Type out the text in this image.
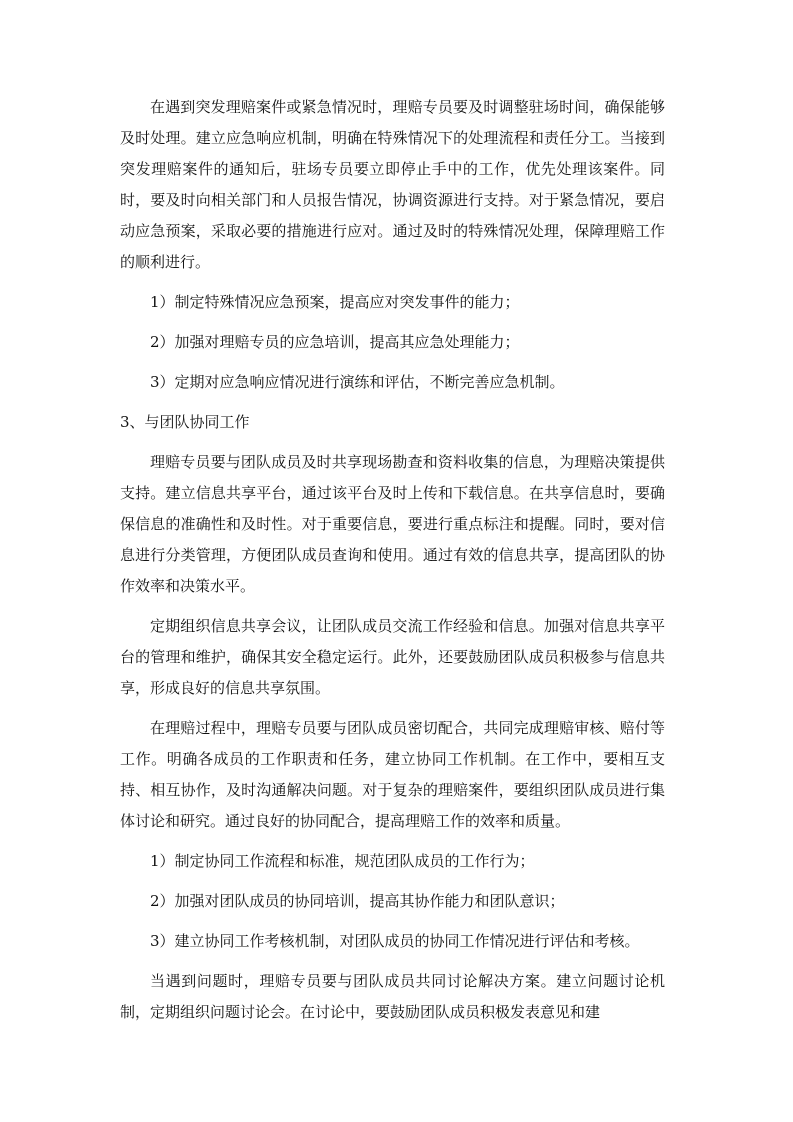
在遇到突发理赔案件或紧急情况时，理赔专员要及时调整驻场时间，确保能够及时处理。建立应急响应机制，明确在特殊情况下的处理流程和责任分工。当接到突发理赔案件的通知后，驻场专员要立即停止手中的工作，优先处理该案件。同时，要及时向相关部门和人员报告情况，协调资源进行支持。对于紧急情况，要启动应急预案，采取必要的措施进行应对。通过及时的特殊情况处理，保障理赔工作的顺利进行。

1）制定特殊情况应急预案，提高应对突发事件的能力；

2）加强对理赔专员的应急培训，提高其应急处理能力；

3）定期对应急响应情况进行演练和评估，不断完善应急机制。

3、与团队协同工作

理赔专员要与团队成员及时共享现场勘查和资料收集的信息，为理赔决策提供支持。建立信息共享平台，通过该平台及时上传和下载信息。在共享信息时，要确保信息的准确性和及时性。对于重要信息，要进行重点标注和提醒。同时，要对信息进行分类管理，方便团队成员查询和使用。通过有效的信息共享，提高团队的协作效率和决策水平。

定期组织信息共享会议，让团队成员交流工作经验和信息。加强对信息共享平台的管理和维护，确保其安全稳定运行。此外，还要鼓励团队成员积极参与信息共享，形成良好的信息共享氛围。

在理赔过程中，理赔专员要与团队成员密切配合，共同完成理赔审核、赔付等工作。明确各成员的工作职责和任务，建立协同工作机制。在工作中，要相互支持、相互协作，及时沟通解决问题。对于复杂的理赔案件，要组织团队成员进行集体讨论和研究。通过良好的协同配合，提高理赔工作的效率和质量。

1）制定协同工作流程和标准，规范团队成员的工作行为；

2）加强对团队成员的协同培训，提高其协作能力和团队意识；

3）建立协同工作考核机制，对团队成员的协同工作情况进行评估和考核。

当遇到问题时，理赔专员要与团队成员共同讨论解决方案。建立问题讨论机制，定期组织问题讨论会。在讨论中，要鼓励团队成员积极发表意见和建
